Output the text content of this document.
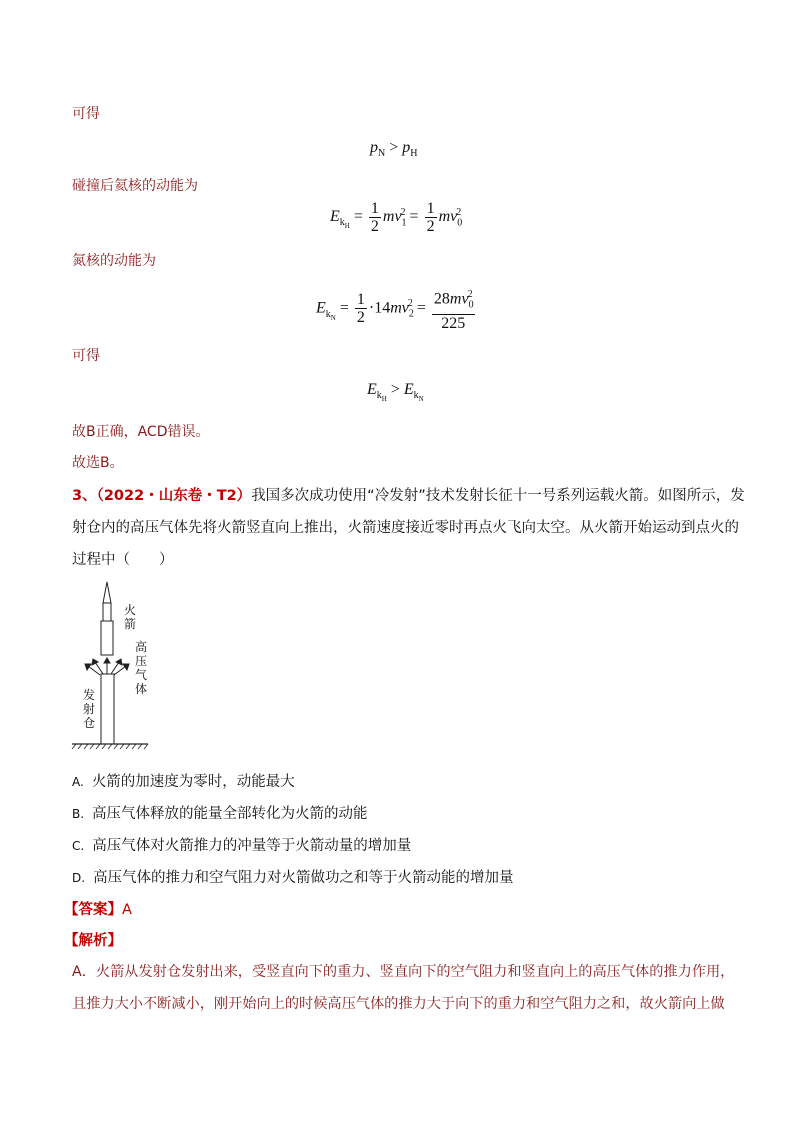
可得
$p_N > p_H$
碰撞后氦核的动能为
$E_{k_H} = \frac{1}{2} mv_1^2 = \frac{1}{2} mv_0^2$
氮核的动能为
$E_{k_N} = \frac{1}{2} \cdot 14mv_2^2 = \frac{28mv_0^2}{225}$
可得
$E_{k_H} > E_{k_N}$
故B正确，ACD错误。
故选B。
3、（2022・山东卷・T2）我国多次成功使用“冷发射”技术发射长征十一号系列运载火箭。如图所示，发
射仓内的高压气体先将火箭竖直向上推出，火箭速度接近零时再点火飞向太空。从火箭开始运动到点火的
过程中（　　）
火箭
高压气体
发射仓
A. 火箭的加速度为零时，动能最大
B. 高压气体释放的能量全部转化为火箭的动能
C. 高压气体对火箭推力的冲量等于火箭动量的增加量
D. 高压气体的推力和空气阻力对火箭做功之和等于火箭动能的增加量
【答案】A
【解析】
A．火箭从发射仓发射出来，受竖直向下的重力、竖直向下的空气阻力和竖直向上的高压气体的推力作用，
且推力大小不断减小，刚开始向上的时候高压气体的推力大于向下的重力和空气阻力之和，故火箭向上做
